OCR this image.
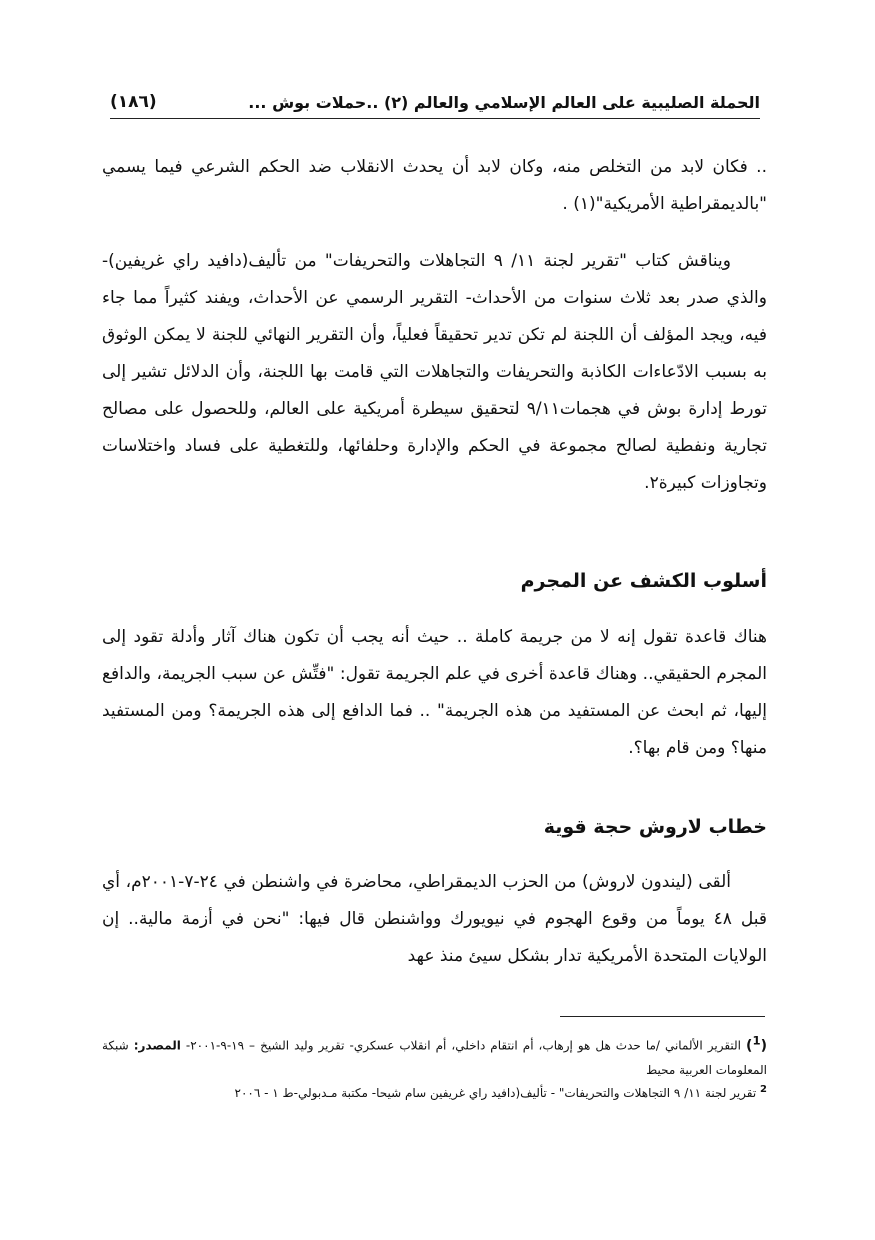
الحملة الصليبية على العالم الإسلامي والعالم (٢) ..حملات بوش ...
(١٨٦)

.. فكان لابد من التخلص منه، وكان لابد أن يحدث الانقلاب ضد الحكم الشرعي فيما يسمي "بالديمقراطية الأمريكية"(١) .

ويناقش كتاب "تقرير لجنة ١١/ ٩ التجاهلات والتحريفات" من تأليف(دافيد راي غريفين)- والذي صدر بعد ثلاث سنوات من الأحداث- التقرير الرسمي عن الأحداث، ويفند كثيراً مما جاء فيه، ويجد المؤلف أن اللجنة لم تكن تدير تحقيقاً فعلياً، وأن التقرير النهائي للجنة لا يمكن الوثوق به بسبب الادّعاءات الكاذبة والتحريفات والتجاهلات التي قامت بها اللجنة، وأن الدلائل تشير إلى تورط إدارة بوش في هجمات٩/١١ لتحقيق سيطرة أمريكية على العالم، وللحصول على مصالح تجارية ونفطية لصالح مجموعة في الحكم والإدارة وحلفائها، وللتغطية على فساد واختلاسات وتجاوزات كبيرة٢.

أسلوب الكشف عن المجرم

هناك قاعدة تقول إنه لا من جريمة كاملة .. حيث أنه يجب أن تكون هناك آثار وأدلة تقود إلى المجرم الحقيقي.. وهناك قاعدة أخرى في علم الجريمة تقول: "فتِّش عن سبب الجريمة، والدافع إليها، ثم ابحث عن المستفيد من هذه الجريمة" .. فما الدافع إلى هذه الجريمة؟ ومن المستفيد منها؟ ومن قام بها؟.

خطاب لاروش حجة قوية

ألقى (ليندون لاروش) من الحزب الديمقراطي، محاضرة في واشنطن في ٢٤-٧-٢٠٠١م، أي قبل ٤٨ يوماً من وقوع الهجوم في نيويورك وواشنطن قال فيها: "نحن في أزمة مالية.. إن الولايات المتحدة الأمريكية تدار بشكل سيئ منذ عهد

($^1$) التقرير الألماني /ما حدث هل هو إرهاب، أم انتقام داخلي، أم انقلاب عسكري- تقرير وليد الشيخ – ١٩-٩-٢٠٠١- المصدر: شبكة المعلومات العربية محيط

$^2$ تقرير لجنة ١١/ ٩ التجاهلات والتحريفات" - تأليف(دافيد راي غريفين سام شيحا- مكتبة مـدبولي-ط ١ - ٢٠٠٦
